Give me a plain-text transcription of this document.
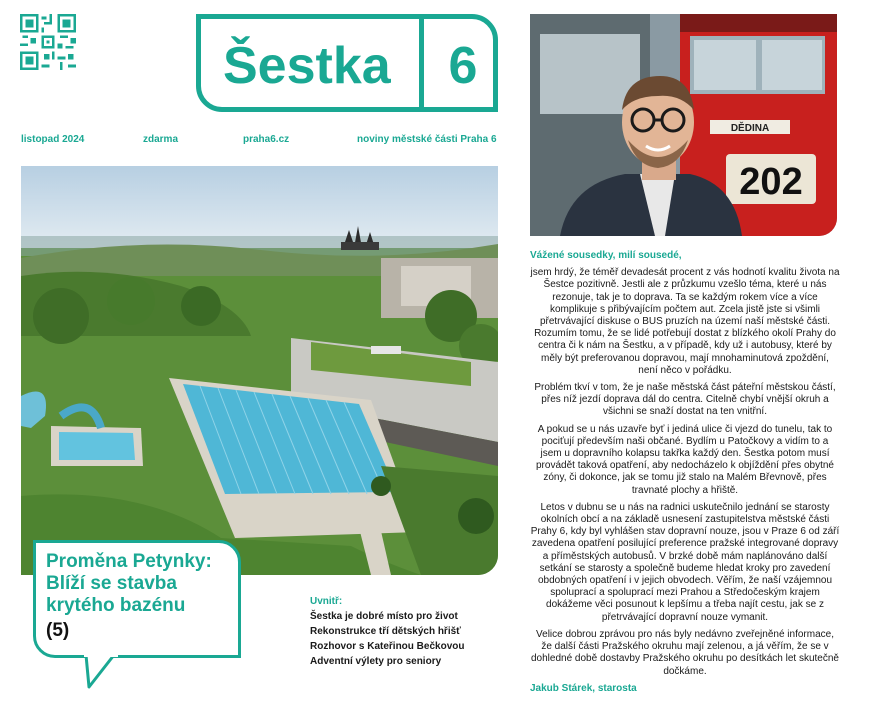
Šestka 6
listopad 2024	zdarma	praha6.cz	noviny městské části Praha 6
Proměna Petynky: Blíží se stavba krytého bazénu
(5)
Uvnitř:
Šestka je dobré místo pro život
Rekonstrukce tří dětských hřišť
Rozhovor s Kateřinou Bečkovou
Adventní výlety pro seniory
DĚDINA
202

Vážené sousedky, milí sousedé,

jsem hrdý, že téměř devadesát procent z vás hodnotí kvalitu života na Šestce pozitivně. Jestli ale z průzkumu vzešlo téma, které u nás rezonuje, tak je to doprava. Ta se každým rokem více a více komplikuje s přibývajícím počtem aut. Zcela jistě jste si všimli přetrvávající diskuse o BUS pruzích na území naší městské části. Rozumím tomu, že se lidé potřebují dostat z blízkého okolí Prahy do centra či k nám na Šestku, a v případě, kdy už i autobusy, které by měly být preferovanou dopravou, mají mnohaminutová zpoždění, není něco v pořádku.

Problém tkví v tom, že je naše městská část páteřní městskou částí, přes níž jezdí doprava dál do centra. Citelně chybí vnější okruh a všichni se snaží dostat na ten vnitřní.

A pokud se u nás uzavře byť i jediná ulice či vjezd do tunelu, tak to pociťují především naši občané. Bydlím u Patočkovy a vidím to a jsem u dopravního kolapsu takřka každý den. Šestka potom musí provádět taková opatření, aby nedocházelo k objíždění přes obytné zóny, či dokonce, jak se tomu již stalo na Malém Břevnově, přes travnaté plochy a hřiště.

Letos v dubnu se u nás na radnici uskutečnilo jednání se starosty okolních obcí a na základě usnesení zastupitelstva městské části Prahy 6, kdy byl vyhlášen stav dopravní nouze, jsou v Praze 6 od září zavedena opatření posilující preference pražské integrované dopravy a příměstských autobusů. V brzké době mám naplánováno další setkání se starosty a společně budeme hledat kroky pro zavedení obdobných opatření i v jejich obvodech. Věřím, že naší vzájemnou spoluprací a spoluprací mezi Prahou a Středočeským krajem dokážeme věci posunout k lepšímu a třeba najít cestu, jak se z přetrvávající dopravní nouze vymanit.

Velice dobrou zprávou pro nás byly nedávno zveřejněné informace, že další části Pražského okruhu mají zelenou, a já věřím, že se v dohledné době dostavby Pražského okruhu po desítkách let skutečně dočkáme.

Jakub Stárek, starosta
